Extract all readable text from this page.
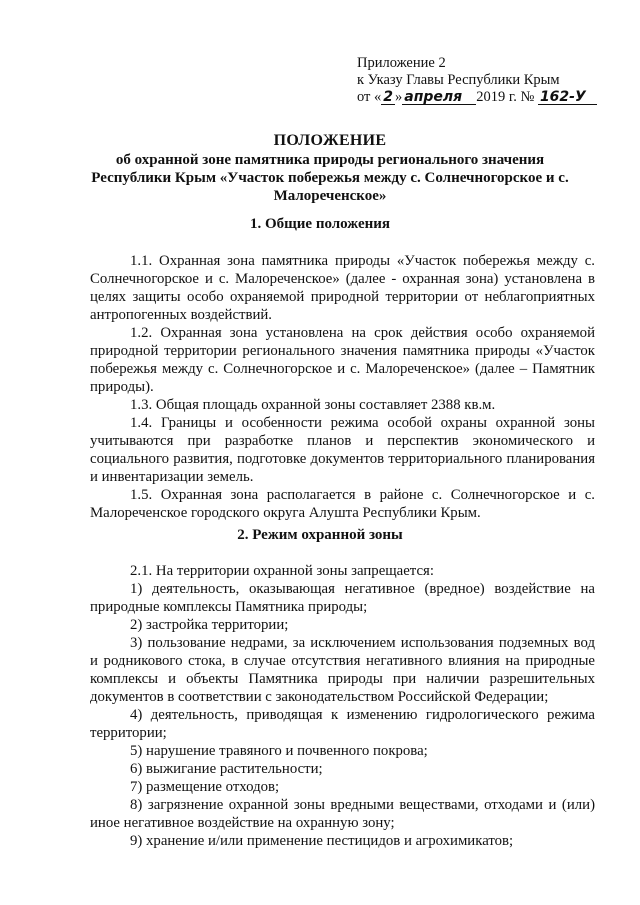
Приложение 2
к Указу Главы Республики Крым
от « 2 » апреля 2019 г. № 162-У
ПОЛОЖЕНИЕ
об охранной зоне памятника природы регионального значения Республики Крым «Участок побережья между с. Солнечногорское и с. Малореченское»
1. Общие положения

1.1. Охранная зона памятника природы «Участок побережья между с. Солнечногорское и с. Малореченское» (далее - охранная зона) установлена в целях защиты особо охраняемой природной территории от неблагоприятных антропогенных воздействий.

1.2. Охранная зона установлена на срок действия особо охраняемой природной территории регионального значения памятника природы «Участок побережья между с. Солнечногорское и с. Малореченское» (далее – Памятник природы).

1.3. Общая площадь охранной зоны составляет 2388 кв.м.

1.4. Границы и особенности режима особой охраны охранной зоны учитываются при разработке планов и перспектив экономического и социального развития, подготовке документов территориального планирования и инвентаризации земель.

1.5. Охранная зона располагается в районе с. Солнечногорское и с. Малореченское городского округа Алушта Республики Крым.

2. Режим охранной зоны

2.1. На территории охранной зоны запрещается:

1) деятельность, оказывающая негативное (вредное) воздействие на природные комплексы Памятника природы;

2) застройка территории;

3) пользование недрами, за исключением использования подземных вод и родникового стока, в случае отсутствия негативного влияния на природные комплексы и объекты Памятника природы при наличии разрешительных документов в соответствии с законодательством Российской Федерации;

4) деятельность, приводящая к изменению гидрологического режима территории;

5) нарушение травяного и почвенного покрова;

6) выжигание растительности;

7) размещение отходов;

8) загрязнение охранной зоны вредными веществами, отходами и (или) иное негативное воздействие на охранную зону;

9) хранение и/или применение пестицидов и агрохимикатов;
